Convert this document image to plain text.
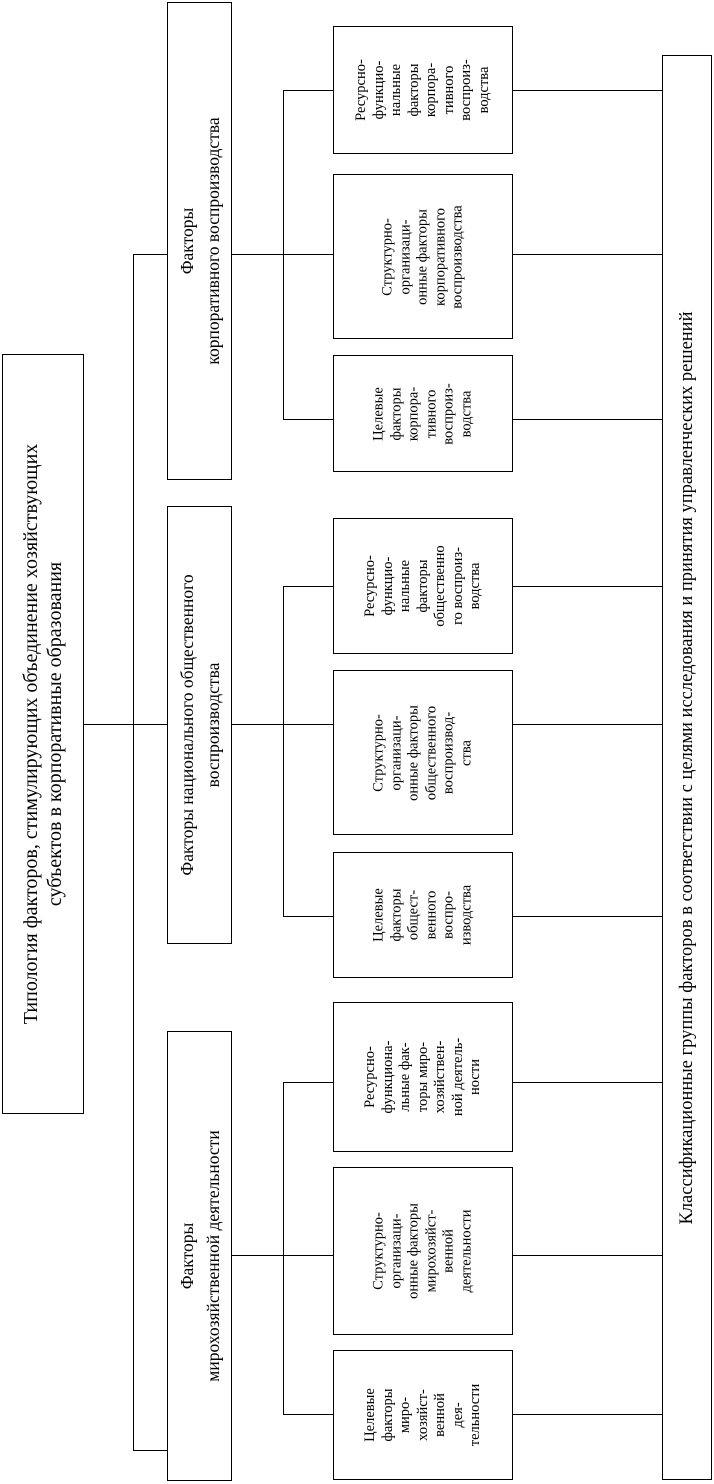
Типология факторов, стимулирующих объединение хозяйствующих
субъектов в корпоративные образования
Факторы
мирохозяйственной деятельности
Факторы национального общественного
воспроизводства
Факторы
корпоративного воспроизводства
Целевые
факторы
миро-
хозяйст-
венной
дея-
тельности
Структурно-
организаци-
онные факторы
мирохозяйст-
венной
деятельности
Ресурсно-
функциона-
льные фак-
торы миро-
хозяйствен-
ной деятель-
ности
Целевые
факторы
общест-
венного
воспро-
изводства
Структурно-
организаци-
онные факторы
общественного
воспроизвод-
ства
Ресурсно-
функцио-
нальные
факторы
общественно
го воспроиз-
водства
Целевые
факторы
корпора-
тивного
воспроиз-
водства
Структурно-
организаци-
онные факторы
корпоративного
воспроизводства
Ресурсно-
функцио-
нальные
факторы
корпора-
тивного
воспроиз-
водства
Классификационные группы факторов в соответствии с целями исследования и принятия управленческих решений
